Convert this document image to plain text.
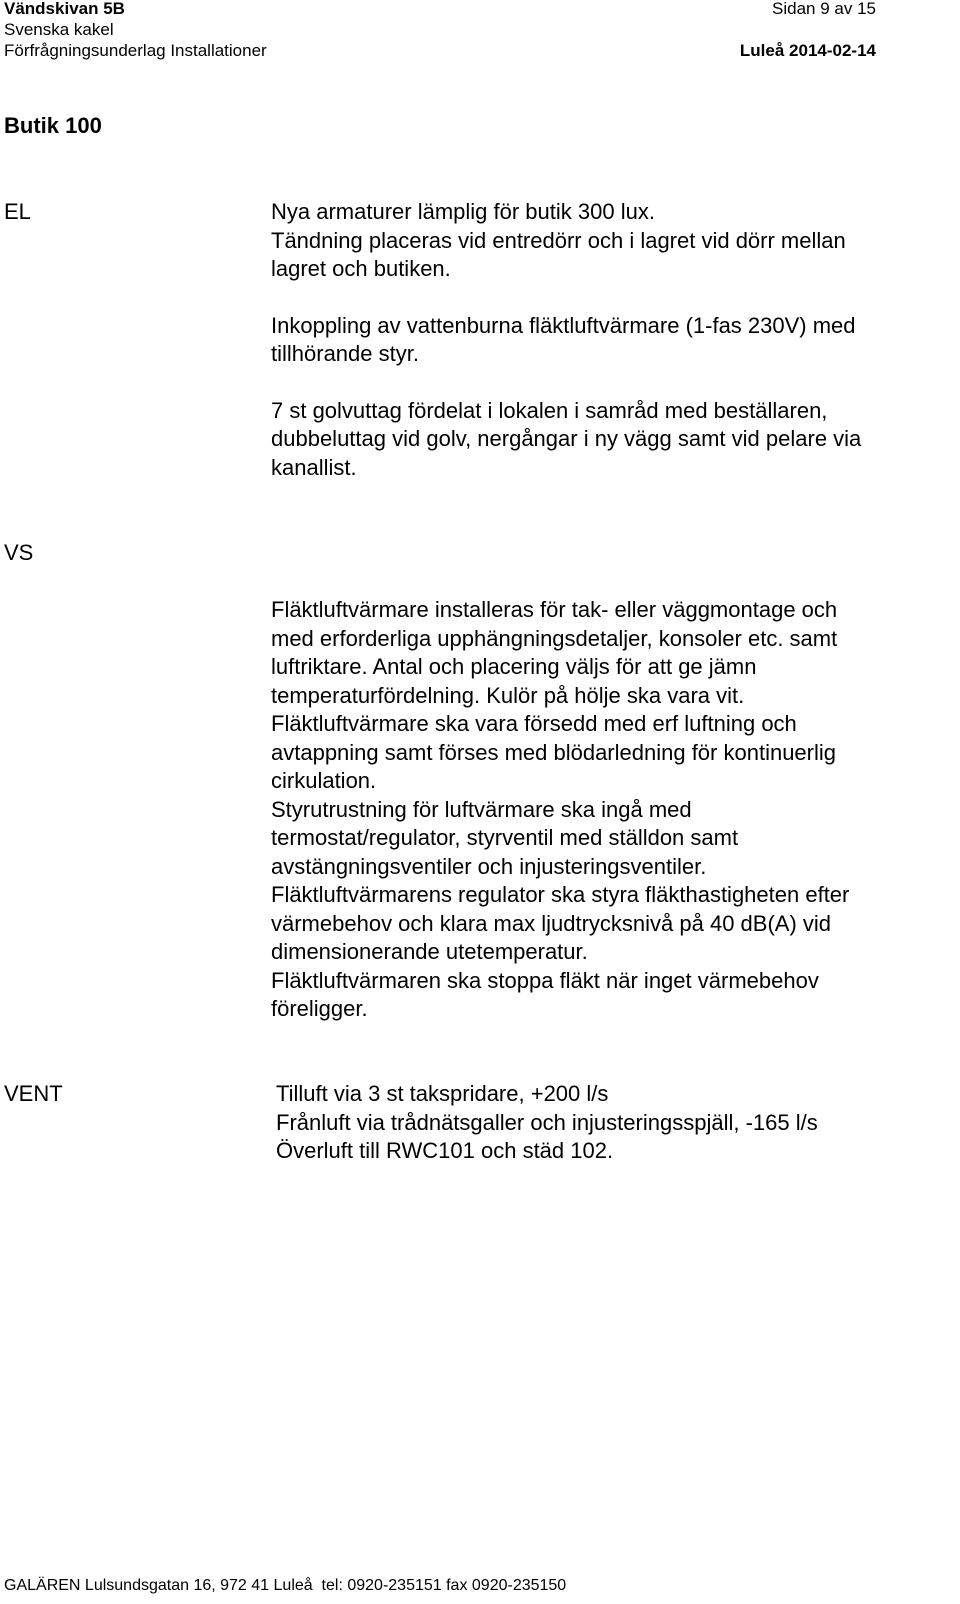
Vändskivan 5B
Svenska kakel
Förfrågningsunderlag Installationer
Sidan 9 av 15
Luleå 2014-02-14
Butik 100
EL	Nya armaturer lämplig för butik 300 lux.
Tändning placeras vid entredörr och i lagret vid dörr mellan
lagret och butiken.
Inkoppling av vattenburna fläktluftvärmare (1-fas 230V) med
tillhörande styr.
7 st golvuttag fördelat i lokalen i samråd med beställaren,
dubbeluttag vid golv, nergångar i ny vägg samt vid pelare via
kanallist.
VS
Fläktluftvärmare installeras för tak- eller väggmontage och
med erforderliga upphängningsdetaljer, konsoler etc. samt
luftriktare. Antal och placering väljs för att ge jämn
temperaturfördelning. Kulör på hölje ska vara vit.
Fläktluftvärmare ska vara försedd med erf luftning och
avtappning samt förses med blödarledning för kontinuerlig
cirkulation.
Styrutrustning för luftvärmare ska ingå med
termostat/regulator, styrventil med ställdon samt
avstängningsventiler och injusteringsventiler.
Fläktluftvärmarens regulator ska styra fläkthastigheten efter
värmebehov och klara max ljudtrycksnivå på 40 dB(A) vid
dimensionerande utetemperatur.
Fläktluftvärmaren ska stoppa fläkt när inget värmebehov
föreligger.
VENT	Tilluft via 3 st takspridare, +200 l/s
Frånluft via trådnätsgaller och injusteringsspjäll, -165 l/s
Överluft till RWC101 och städ 102.
GALÄREN Lulsundsgatan 16, 972 41 Luleå  tel: 0920-235151 fax 0920-235150
